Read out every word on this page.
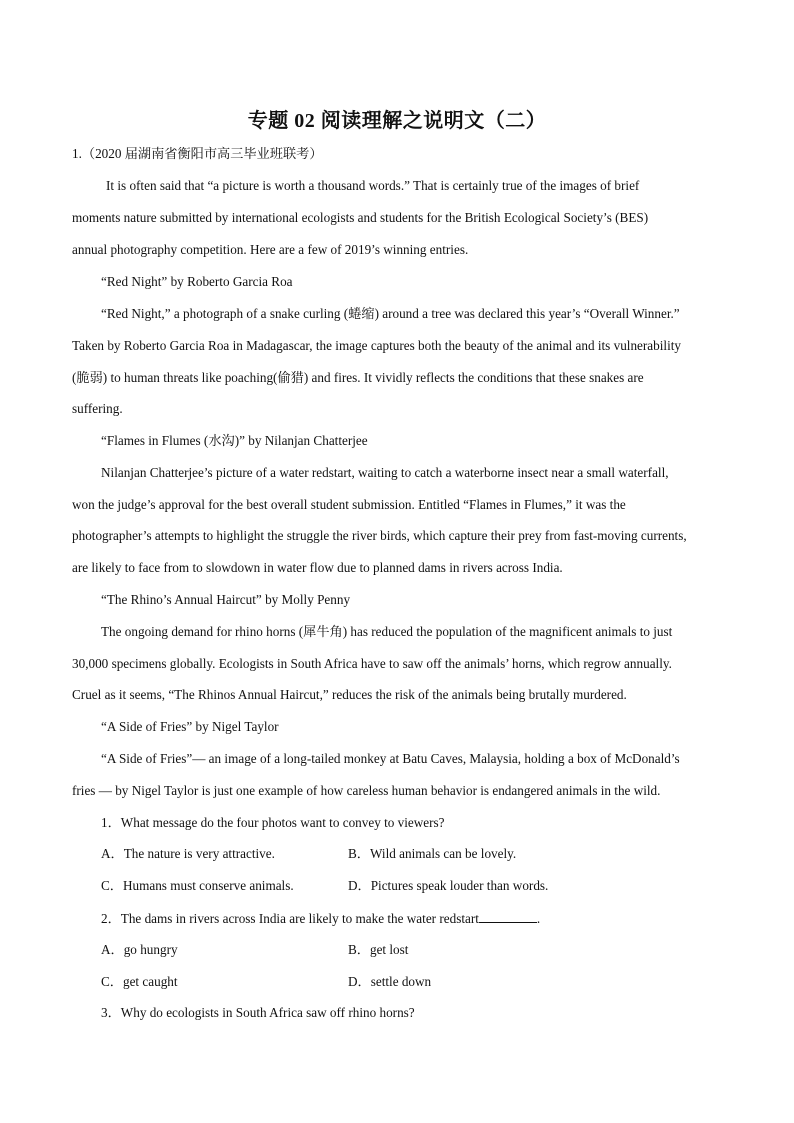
专题 02 阅读理解之说明文（二）
1.（2020 届湖南省衡阳市高三毕业班联考）
It is often said that “a picture is worth a thousand words.” That is certainly true of the images of brief
moments nature submitted by international ecologists and students for the British Ecological Society’s (BES)
annual photography competition. Here are a few of 2019’s winning entries.
“Red Night” by Roberto Garcia Roa
“Red Night,” a photograph of a snake curling (蜷缩) around a tree was declared this year’s “Overall Winner.”
Taken by Roberto Garcia Roa in Madagascar, the image captures both the beauty of the animal and its vulnerability
(脆弱) to human threats like poaching(偷猎) and fires. It vividly reflects the conditions that these snakes are
suffering.
“Flames in Flumes (水沟)” by Nilanjan Chatterjee
Nilanjan Chatterjee’s picture of a water redstart, waiting to catch a waterborne insect near a small waterfall,
won the judge’s approval for the best overall student submission. Entitled “Flames in Flumes,” it was the
photographer’s attempts to highlight the struggle the river birds, which capture their prey from fast-moving currents,
are likely to face from to slowdown in water flow due to planned dams in rivers across India.
“The Rhino’s Annual Haircut” by Molly Penny
The ongoing demand for rhino horns (犀牛角) has reduced the population of the magnificent animals to just
30,000 specimens globally. Ecologists in South Africa have to saw off the animals’ horns, which regrow annually.
Cruel as it seems, “The Rhinos Annual Haircut,” reduces the risk of the animals being brutally murdered.
“A Side of Fries” by Nigel Taylor
“A Side of Fries”— an image of a long-tailed monkey at Batu Caves, Malaysia, holding a box of McDonald’s
fries — by Nigel Taylor is just one example of how careless human behavior is endangered animals in the wild.
1．What message do the four photos want to convey to viewers?
A．The nature is very attractive.	B．Wild animals can be lovely.
C．Humans must conserve animals.	D．Pictures speak louder than words.
2．The dams in rivers across India are likely to make the water redstart	.
A．go hungry	B．get lost
C．get caught	D．settle down
3．Why do ecologists in South Africa saw off rhino horns?
